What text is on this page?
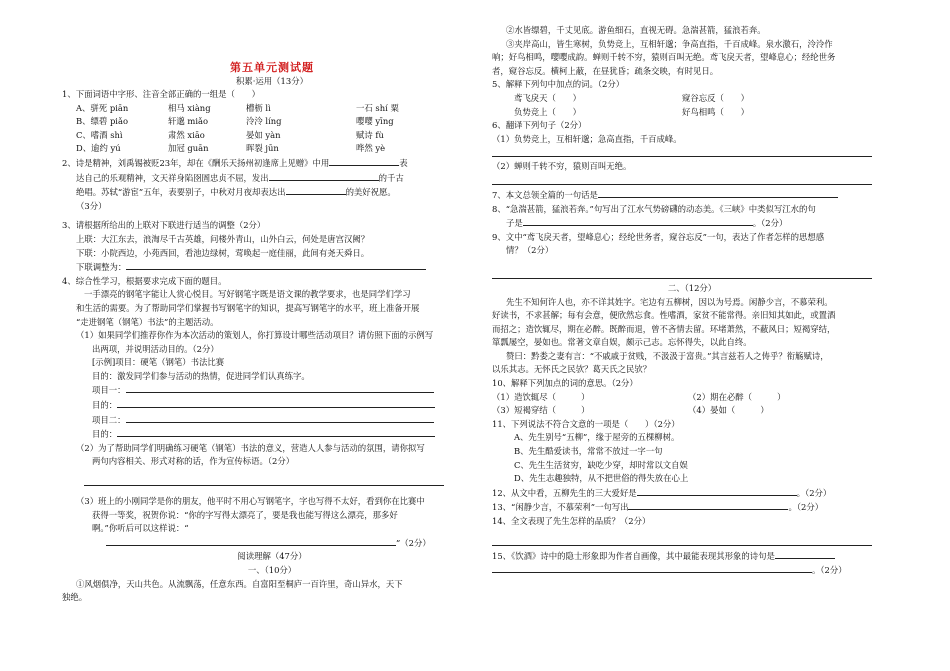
第五单元测试题
积累·运用（13分）
1、下面词语中字形、注音全部正确的一组是（　　）
A、骈死 piān	相马 xiàng	槽枥 lì	一石 shí 粟
B、缥碧 piǎo	轩邈 miǎo	泠泠 líng	嘤嘤 yīng
C、嗜酒 shì	肃然 xiāo	晏如 yàn	赋诗 fù
D、逾约 yú	加冠 guān	晖裂 jūn	哗然 yè
2、诗是精神，刘禹锡被贬23年，却在《酬乐天扬州初逢席上见赠》中用	表
达自己的乐观精神，文天祥身陷囹圄忠贞不屈，发出	的千古
绝唱。苏轼“游宦”五年，表要别子，中秋对月夜却表达出	的美好祝愿。
（3分）
3、请根据所给出的上联对下联进行适当的调整（2分）
上联：大江东去，浪淘尽千古英雄，问楼外青山，山外白云，何处是唐宫汉阙？
下联：小院西边，小苑西回，看池边绿树，莺唤起一庭佳丽，此间有尧天舜日。
下联调整为：
4、综合性学习，根据要求完成下面的题目。
一手漂亮的钢笔字能让人赏心悦目。写好钢笔字既是语文课的教学要求，也是同学们学习
和生活的需要。为了帮助同学们掌握书写钢笔字的知识，提高写钢笔字的水平，班上准备开展
“走进钢笔（钢笔）书法”的主题活动。
（1）如果同学们推荐你作为本次活动的策划人，你打算设计哪些活动项目？请仿照下面的示例写
出两项，并说明活动目的。（2分）
[示例]项目：硬笔（钢笔）书法比赛
目的：激发同学们参与活动的热情，促进同学们认真练字。
项目一：
目的：
项目二：
目的：
（2）为了帮助同学们明确练习硬笔（钢笔）书法的意义，营造人人参与活动的氛围，请你拟写
两句内容相关、形式对称的话，作为宣传标语。（2分）
（3）班上的小刚同学是你的朋友，他平时不用心写钢笔字，字也写得不太好，看到你在比赛中
获得一等奖，祝贺你说：“你的字写得太漂亮了，要是我也能写得这么漂亮，那多好
啊。”你听后可以这样说：“
”（2分）
阅读理解（47分）
一、（10分）
①风烟俱净，天山共色。从流飘荡，任意东西。自富阳至桐庐一百许里，奇山异水，天下
独绝。
②水皆缥碧，千丈见底。游鱼细石，直视无碍。急湍甚箭，猛浪若奔。
③夹岸高山，皆生寒树，负势竞上，互相轩邈；争高直指，千百成峰。泉水激石，泠泠作
响；好鸟相鸣，嘤嘤成韵。蝉则千转不穷，猿则百叫无绝。鸢飞戾天者，望峰息心；经纶世务
者，窥谷忘反。横柯上蔽，在昼犹昏；疏条交映，有时见日。
5、解释下列句中加点的词。（2分）
鸢飞戾天（　　）	窥谷忘反（　　）
负势竞上（　　）	好鸟相鸣（　　）
6、翻译下列句子（2分）
（1）负势竞上，互相轩邈；急高直指，千百成峰。
（2）蝉则千转不穷，猿则百叫无绝。
7、本文总领全篇的一句话是
8、“急湍甚箭，猛浪若奔。”句写出了江水气势磅礴的动态美。《三峡》中类似写江水的句
子是	。（2分）
9、文中“鸢飞戾天者，望峰息心；经纶世务者，窥谷忘反”一句，表达了作者怎样的思想感
情？（2分）
二、（12分）
先生不知何许人也，亦不详其姓字。宅边有五柳树，因以为号焉。闲静少言，不慕荣利。
好读书，不求甚解；每有会意，便欣然忘食。性嗜酒，家贫不能常得。亲旧知其如此，或置酒
而招之；造饮辄尽，期在必醉。既醉而退，曾不吝情去留。环堵萧然，不蔽风日；短褐穿结，
箪瓢屡空，晏如也。常著文章自娱，颇示己志。忘怀得失，以此自终。
赞曰：黔娄之妻有言：“不戚戚于贫贱，不汲汲于富贵。”其言兹若人之俦乎？衔觞赋诗，
以乐其志。无怀氏之民欤？葛天氏之民欤？
10、解释下列加点的词的意思。（2分）
（1）造饮辄尽（　　　）	（2）期在必醉（　　　）
（3）短褐穿结（　　　）	（4）晏如（　　　）
11、下列说法不符合文意的一项是（　　）（2分）
A、先生别号“五柳”，缘于屋旁的五棵柳树。
B、先生酷爱读书，常常不放过一字一句
C、先生生活贫穷，缺吃少穿，却时常以文自娱
D、先生志趣独特，从不把世俗的得失放在心上
12、从文中看，五柳先生的三大爱好是	。（2分）
13、“闲静少言，不慕荣利”一句写出	。（2分）
14、全文表现了先生怎样的品质？（2分）
15、《饮酒》诗中的隐士形象即为作者自画像，其中最能表现其形象的诗句是
。（2分）
